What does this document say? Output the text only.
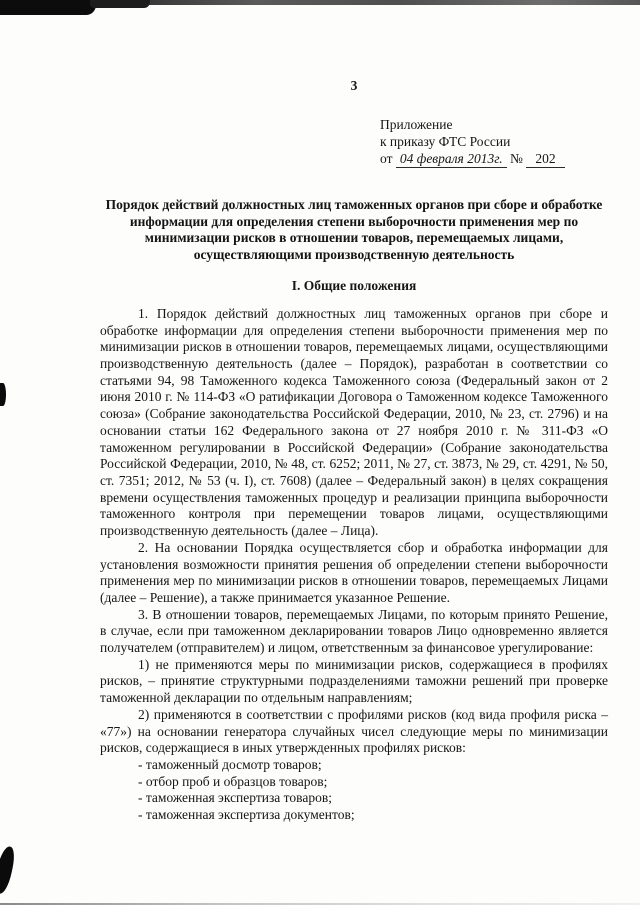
3
Приложение
к приказу ФТС России
от 04 февраля 2013г. № 202
Порядок действий должностных лиц таможенных органов при сборе и обработке информации для определения степени выборочности применения мер по минимизации рисков в отношении товаров, перемещаемых лицами, осуществляющими производственную деятельность
I. Общие положения

1. Порядок действий должностных лиц таможенных органов при сборе и обработке информации для определения степени выборочности применения мер по минимизации рисков в отношении товаров, перемещаемых лицами, осуществляющими производственную деятельность (далее – Порядок), разработан в соответствии со статьями 94, 98 Таможенного кодекса Таможенного союза (Федеральный закон от 2 июня 2010 г. № 114-ФЗ «О ратификации Договора о Таможенном кодексе Таможенного союза» (Собрание законодательства Российской Федерации, 2010, № 23, ст. 2796) и на основании статьи 162 Федерального закона от 27 ноября 2010 г. № 311-ФЗ «О таможенном регулировании в Российской Федерации» (Собрание законодательства Российской Федерации, 2010, № 48, ст. 6252; 2011, № 27, ст. 3873, № 29, ст. 4291, № 50, ст. 7351; 2012, № 53 (ч. I), ст. 7608) (далее – Федеральный закон) в целях сокращения времени осуществления таможенных процедур и реализации принципа выборочности таможенного контроля при перемещении товаров лицами, осуществляющими производственную деятельность (далее – Лица).

2. На основании Порядка осуществляется сбор и обработка информации для установления возможности принятия решения об определении степени выборочности применения мер по минимизации рисков в отношении товаров, перемещаемых Лицами (далее – Решение), а также принимается указанное Решение.

3. В отношении товаров, перемещаемых Лицами, по которым принято Решение, в случае, если при таможенном декларировании товаров Лицо одновременно является получателем (отправителем) и лицом, ответственным за финансовое урегулирование:

1) не применяются меры по минимизации рисков, содержащиеся в профилях рисков, – принятие структурными подразделениями таможни решений при проверке таможенной декларации по отдельным направлениям;

2) применяются в соответствии с профилями рисков (код вида профиля риска – «77») на основании генератора случайных чисел следующие меры по минимизации рисков, содержащиеся в иных утвержденных профилях рисков:

- таможенный досмотр товаров;

- отбор проб и образцов товаров;

- таможенная экспертиза товаров;

- таможенная экспертиза документов;
